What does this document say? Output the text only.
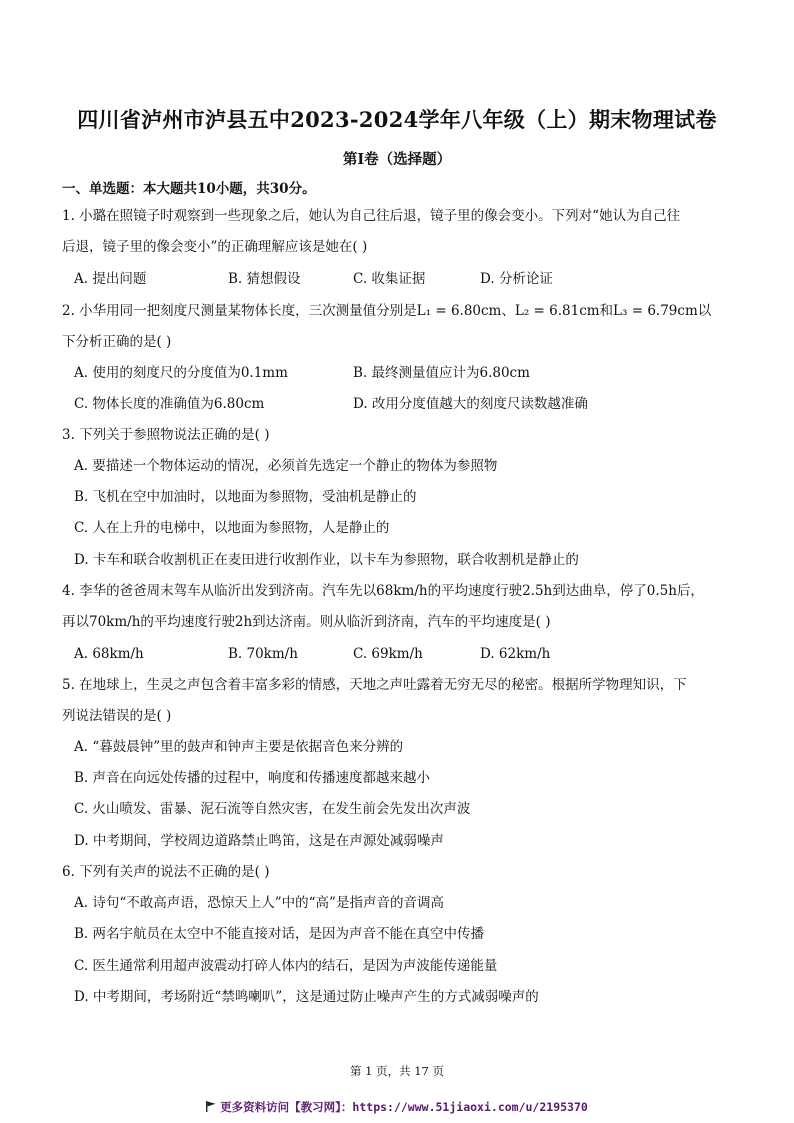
四川省泸州市泸县五中2023-2024学年八年级（上）期末物理试卷
第Ⅰ卷（选择题）
一、单选题：本大题共10小题，共30分。
1. 小璐在照镜子时观察到一些现象之后，她认为自己往后退，镜子里的像会变小。下列对“她认为自己往
后退，镜子里的像会变小”的正确理解应该是她在( )
A. 提出问题	B. 猜想假设	C. 收集证据	D. 分析论证
2. 小华用同一把刻度尺测量某物体长度，三次测量值分别是L₁ = 6.80cm、L₂ = 6.81cm和L₃ = 6.79cm以
下分析正确的是( )
A. 使用的刻度尺的分度值为0.1mm	B. 最终测量值应计为6.80cm
C. 物体长度的准确值为6.80cm	D. 改用分度值越大的刻度尺读数越准确
3. 下列关于参照物说法正确的是( )
A. 要描述一个物体运动的情况，必须首先选定一个静止的物体为参照物
B. 飞机在空中加油时，以地面为参照物，受油机是静止的
C. 人在上升的电梯中，以地面为参照物，人是静止的
D. 卡车和联合收割机正在麦田进行收割作业，以卡车为参照物，联合收割机是静止的
4. 李华的爸爸周末驾车从临沂出发到济南。汽车先以68km/h的平均速度行驶2.5h到达曲阜，停了0.5h后，
再以70km/h的平均速度行驶2h到达济南。则从临沂到济南，汽车的平均速度是( )
A. 68km/h	B. 70km/h	C. 69km/h	D. 62km/h
5. 在地球上，生灵之声包含着丰富多彩的情感，天地之声吐露着无穷无尽的秘密。根据所学物理知识，下
列说法错误的是( )
A. “暮鼓晨钟”里的鼓声和钟声主要是依据音色来分辨的
B. 声音在向远处传播的过程中，响度和传播速度都越来越小
C. 火山喷发、雷暴、泥石流等自然灾害，在发生前会先发出次声波
D. 中考期间，学校周边道路禁止鸣笛，这是在声源处减弱噪声
6. 下列有关声的说法不正确的是( )
A. 诗句“不敢高声语，恐惊天上人”中的“高”是指声音的音调高
B. 两名宇航员在太空中不能直接对话，是因为声音不能在真空中传播
C. 医生通常利用超声波震动打碎人体内的结石，是因为声波能传递能量
D. 中考期间，考场附近“禁鸣喇叭”，这是通过防止噪声产生的方式减弱噪声的
第 1 页，共 17 页
更多资料访问【教习网】：https://www.51jiaoxi.com/u/2195370
